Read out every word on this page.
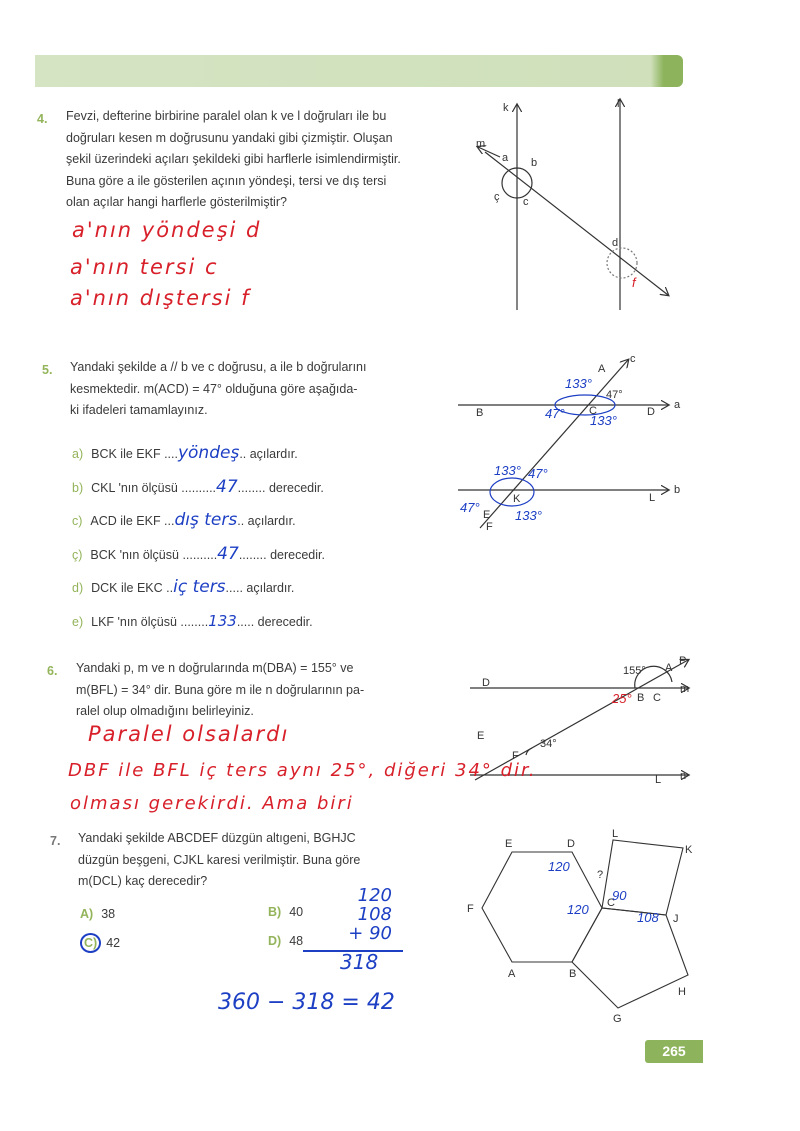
4. Fevzi, defterine birbirine paralel olan k ve l doğruları ile bu
doğruları kesen m doğrusunu yandaki gibi çizmiştir. Oluşan
şekil üzerindeki açıları şekildeki gibi harflerle isimlendirmiştir.
Buna göre a ile gösterilen açının yöndeşi, tersi ve dış tersi
olan açılar hangi harflerle gösterilmiştir?
a'nın yöndeşi d
a'nın tersi c
a'nın dıştersi f
k	l
m
a b
ç c
d
f
B
A
c
47°
D
a
C
K	L
b
E
F
133°
47° 133°
133° 47°
47°
133°
D
155° A
P
B C
m
E
F
34°
L n
25°
E	D
L
K
F
?
C
J
A	B
H
G
120
120
108
90
5. Yandaki şekilde a // b ve c doğrusu, a ile b doğrularını
kesmektedir. m(ACD) = 47° olduğuna göre aşağıda-
ki ifadeleri tamamlayınız.
a) BCK ile EKF ....yöndeş.. açılardır.
b) CKL 'nın ölçüsü ..........47........ derecedir.
c) ACD ile EKF ...dış ters.. açılardır.
ç) BCK 'nın ölçüsü ..........47........ derecedir.
d) DCK ile EKC ..iç ters..... açılardır.
e) LKF 'nın ölçüsü ........133..... derecedir.
6. Yandaki p, m ve n doğrularında m(DBA) = 155° ve
m(BFL) = 34° dir. Buna göre m ile n doğrularının pa-
ralel olup olmadığını belirleyiniz.
Paralel olsalardı
DBF ile BFL iç ters aynı 25°, diğeri 34° dir.
olması gerekirdi. Ama biri
7. Yandaki şekilde ABCDEF düzgün altıgeni, BGHJC
düzgün beşgeni, CJKL karesi verilmiştir. Buna göre
m(DCL) kaç derecedir?
A) 38	B) 40
C) 42	D) 48
120
108
+ 90
318
360 − 318 = 42
265
